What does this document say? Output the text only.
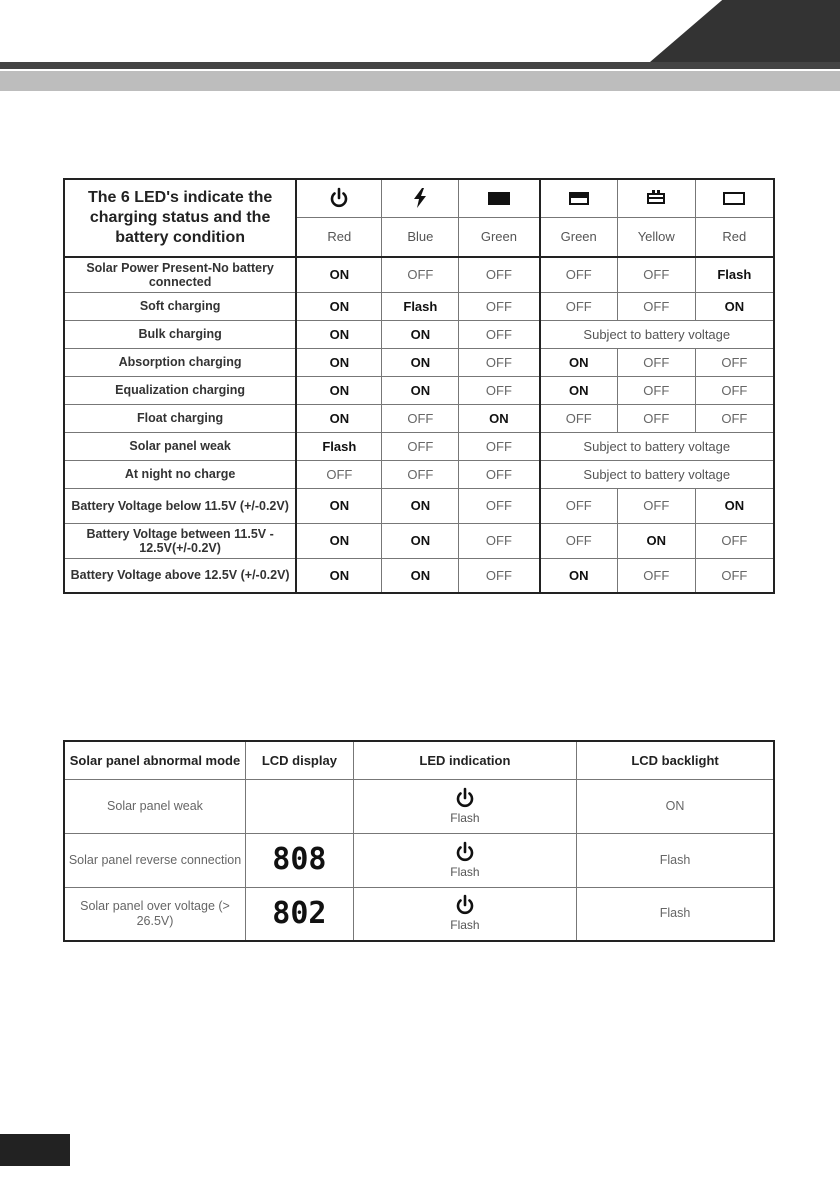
The 6 LED's indicate the charging status and the battery condition					

	Red	Blue	Green	Green	Yellow	Red
Solar Power Present-No battery connected	ON	OFF	OFF	OFF	OFF	Flash
Soft charging	ON	Flash	OFF	OFF	OFF	ON
Bulk charging	ON	ON	OFF	Subject to battery voltage		
Absorption charging	ON	ON	OFF	ON	OFF	OFF
Equalization charging	ON	ON	OFF	ON	OFF	OFF
Float charging	ON	OFF	ON	OFF	OFF	OFF
Solar panel weak	Flash	OFF	OFF	Subject to battery voltage		
At night no charge	OFF	OFF	OFF	Subject to battery voltage		
Battery Voltage below 11.5V (+/-0.2V)	ON	ON	OFF	OFF	OFF	ON
Battery Voltage between 11.5V - 12.5V(+/-0.2V)	ON	ON	OFF	OFF	ON	OFF
Battery Voltage above 12.5V (+/-0.2V)	ON	ON	OFF	ON	OFF	OFF
Solar panel abnormal mode	LCD display	LED indication	LCD backlight
Solar panel weak		Flash	ON
Solar panel reverse connection	808	Flash	Flash
Solar panel over voltage (> 26.5V)	802	Flash	Flash
